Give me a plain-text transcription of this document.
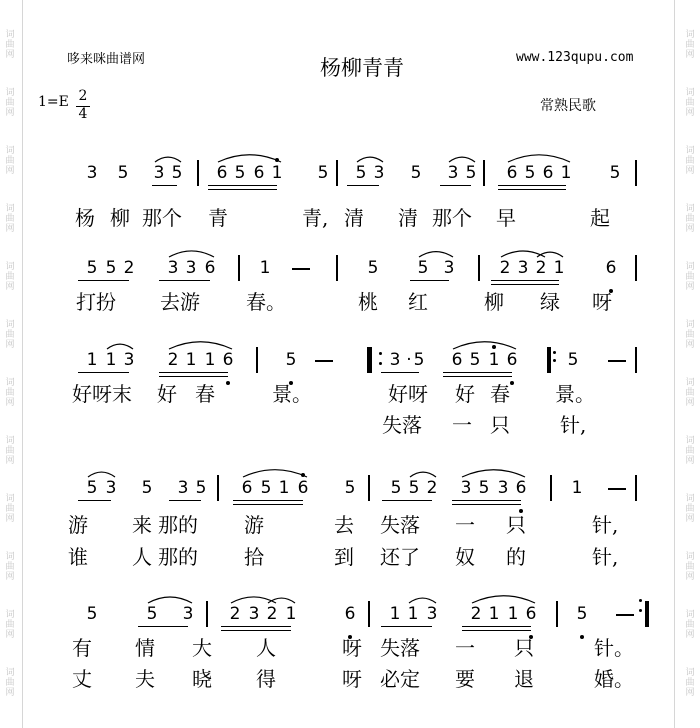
词
曲
网
词
曲
网
词
曲
网
词
曲
网
词
曲
网
词
曲
网
词
曲
网
词
曲
网
词
曲
网
词
曲
网
词
曲
网
词
曲
网
词
曲
网
词
曲
网
词
曲
网
词
曲
网
词
曲
网
词
曲
网
词
曲
网
词
曲
网
词
曲
网
词
曲
网
词
曲
网
词
曲
网
哆来咪曲谱网	杨柳青青	www.123qupu.com
1=E 2
4	常熟民歌
3 5 3 5 6 5 6 1 5 5 3 5 3 5 6 5 6 1 5
杨 柳 那个 青	青, 清 清 那个 早	起
5 5 2 3 3 6	1	5 5 3	2 3 2 1 6
打扮 去游 春。	桃 红	柳 绿 呀
1 1 3 2 1 1 6	5	3 · 5 6 5 1 6	5
好呀末 好 春	景。	好呀 好 春 景。
失落 一 只	针,
5 3 5 3 5 6 5 1 6 5 5 5 2 3 5 3 6	1
游 来 那的 游	去 失落 一 只	针,
谁 人 那的 拾	到 还了 奴 的	针,
5	5 3 2 3 2 1	6 1 1 3 2 1 1 6 5
有 情 大 人	呀 失落 一 只	针。
丈 夫 晓 得	呀 必定 要 退	婚。
